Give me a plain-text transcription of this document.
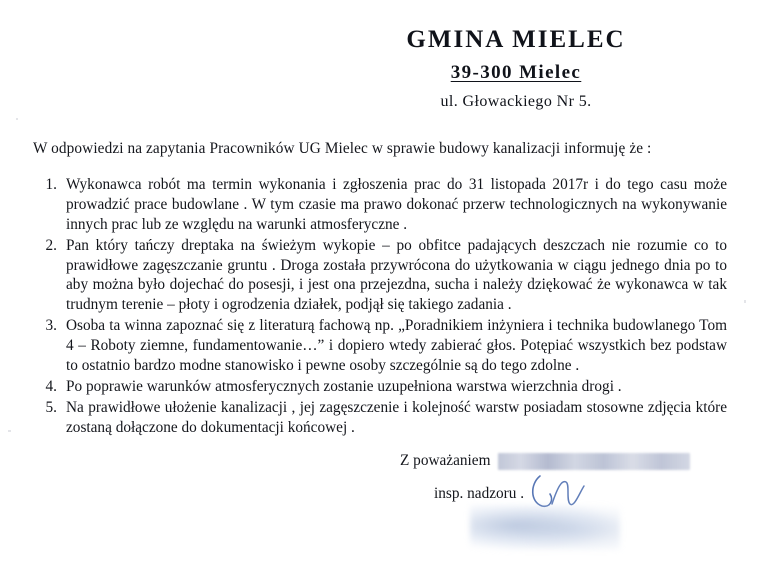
GMINA MIELEC
39-300 Mielec
ul. Głowackiego Nr 5.
W odpowiedzi na zapytania Pracowników UG Mielec w sprawie budowy kanalizacji informuję że :
1. Wykonawca robót ma termin wykonania i zgłoszenia prac do 31 listopada 2017r i do tego casu może prowadzić prace budowlane . W tym czasie ma prawo dokonać przerw technologicznych na wykonywanie innych prac lub ze względu na warunki atmosferyczne .
2. Pan który tańczy dreptaka na świeżym wykopie – po obfitce padających deszczach nie rozumie co to prawidłowe zagęszczanie gruntu . Droga została przywrócona do użytkowania w ciągu jednego dnia po to aby można było dojechać do posesji, i jest ona przejezdna, sucha i należy dziękować że wykonawca w tak trudnym terenie – płoty i ogrodzenia działek, podjął się takiego zadania .
3. Osoba ta winna zapoznać się z literaturą fachową np. „Poradnikiem inżyniera i technika budowlanego Tom 4 – Roboty ziemne, fundamentowanie…” i dopiero wtedy zabierać głos. Potępiać wszystkich bez podstaw to ostatnio bardzo modne stanowisko i pewne osoby szczególnie są do tego zdolne .
4. Po poprawie warunków atmosferycznych zostanie uzupełniona warstwa wierzchnia drogi .
5. Na prawidłowe ułożenie kanalizacji , jej zagęszczenie i kolejność warstw posiadam stosowne zdjęcia które zostaną dołączone do dokumentacji końcowej .
Z poważaniem
insp. nadzoru .
